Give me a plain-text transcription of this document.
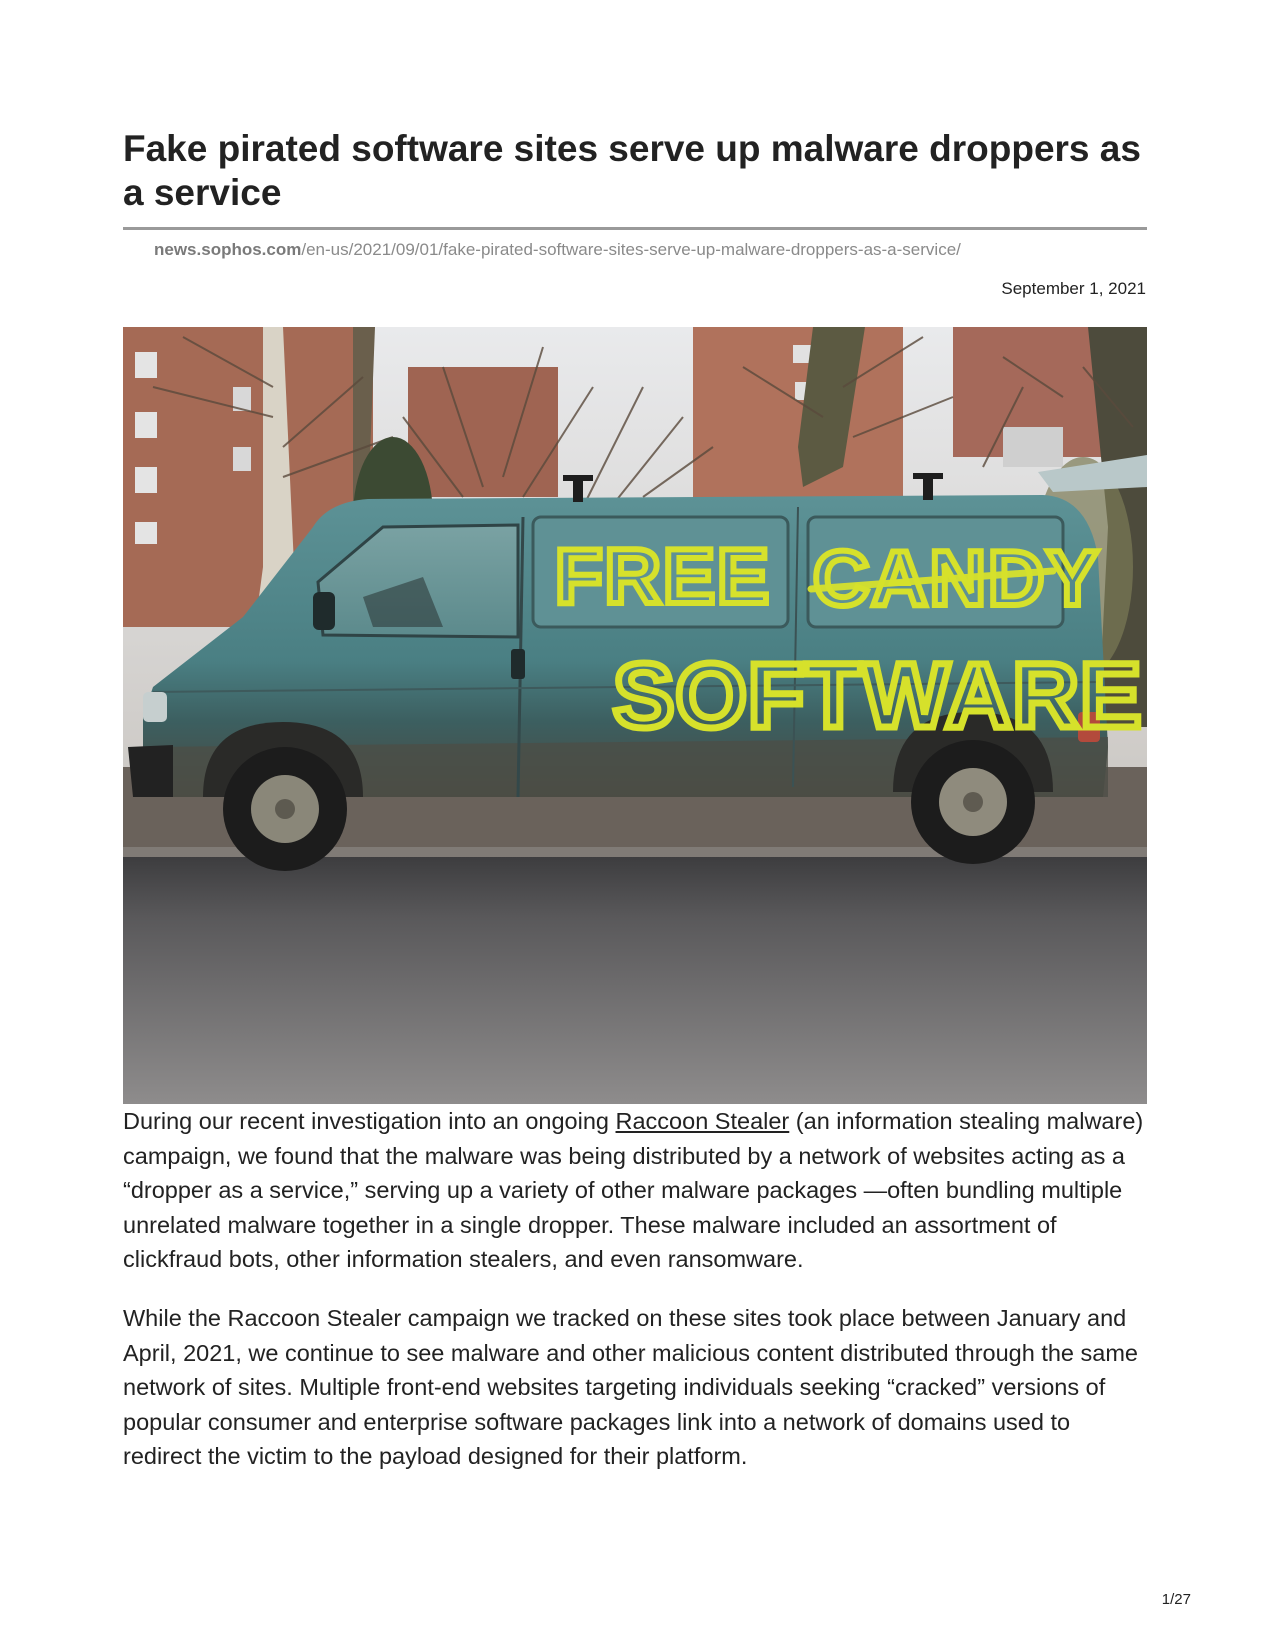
Fake pirated software sites serve up malware droppers as a service
news.sophos.com/en-us/2021/09/01/fake-pirated-software-sites-serve-up-malware-droppers-as-a-service/
September 1, 2021
FREE CANDY
SOFTWARE

During our recent investigation into an ongoing Raccoon Stealer (an information stealing malware) campaign, we found that the malware was being distributed by a network of websites acting as a “dropper as a service,” serving up a variety of other malware packages —often bundling multiple unrelated malware together in a single dropper. These malware included an assortment of clickfraud bots, other information stealers, and even ransomware.

While the Raccoon Stealer campaign we tracked on these sites took place between January and April, 2021, we continue to see malware and other malicious content distributed through the same network of sites. Multiple front-end websites targeting individuals seeking “cracked” versions of popular consumer and enterprise software packages link into a network of domains used to redirect the victim to the payload designed for their platform.

1/27
